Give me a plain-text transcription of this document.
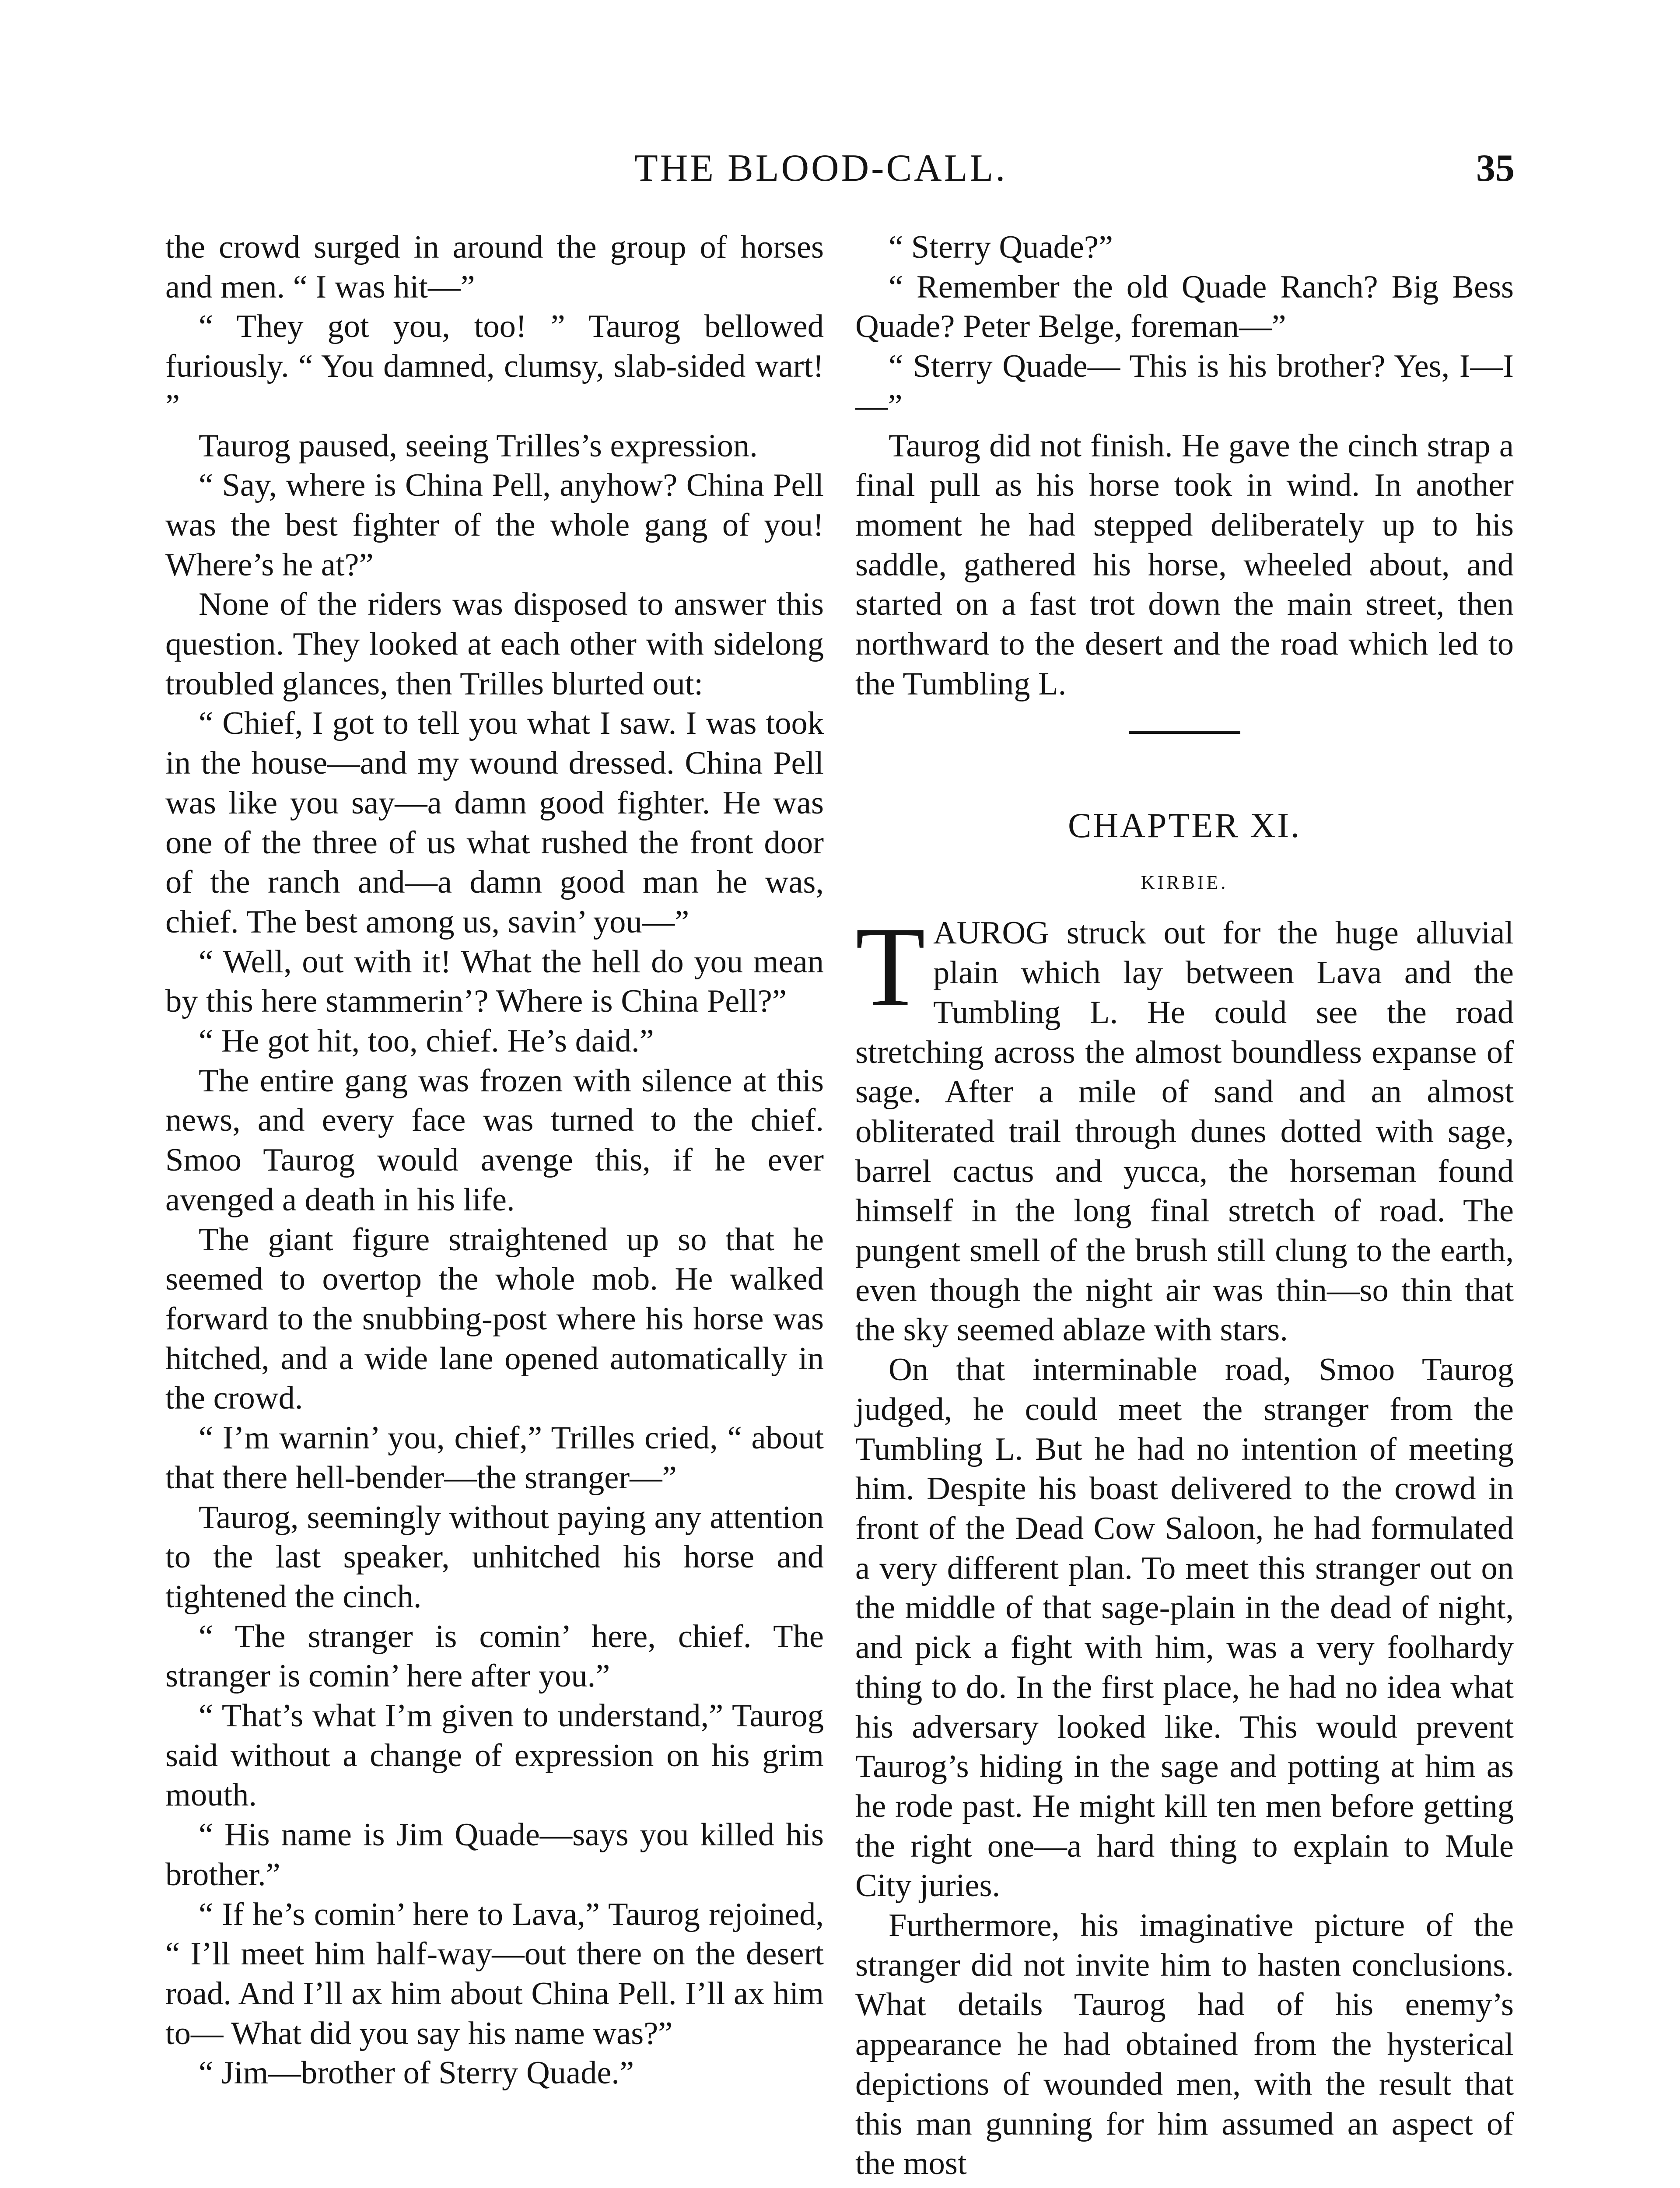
THE BLOOD-CALL.	35

the crowd surged in around the group of horses and men. “ I was hit—”

“ They got you, too! ” Taurog bellowed furiously. “ You damned, clumsy, slab-sided wart! ”

Taurog paused, seeing Trilles’s expression.

“ Say, where is China Pell, anyhow? China Pell was the best fighter of the whole gang of you! Where’s he at?”

None of the riders was disposed to answer this question. They looked at each other with sidelong troubled glances, then Trilles blurted out:

“ Chief, I got to tell you what I saw. I was took in the house—and my wound dressed. China Pell was like you say—a damn good fighter. He was one of the three of us what rushed the front door of the ranch and—a damn good man he was, chief. The best among us, savin’ you—”

“ Well, out with it! What the hell do you mean by this here stammerin’? Where is China Pell?”

“ He got hit, too, chief. He’s daid.”

The entire gang was frozen with silence at this news, and every face was turned to the chief. Smoo Taurog would avenge this, if he ever avenged a death in his life.

The giant figure straightened up so that he seemed to overtop the whole mob. He walked forward to the snubbing-post where his horse was hitched, and a wide lane opened automatically in the crowd.

“ I’m warnin’ you, chief,” Trilles cried, “ about that there hell-bender—the stranger—”

Taurog, seemingly without paying any attention to the last speaker, unhitched his horse and tightened the cinch.

“ The stranger is comin’ here, chief. The stranger is comin’ here after you.”

“ That’s what I’m given to understand,” Taurog said without a change of expression on his grim mouth.

“ His name is Jim Quade—says you killed his brother.”

“ If he’s comin’ here to Lava,” Taurog rejoined, “ I’ll meet him half-way—out there on the desert road. And I’ll ax him about China Pell. I’ll ax him to— What did you say his name was?”

“ Jim—brother of Sterry Quade.”

“ Sterry Quade?”

“ Remember the old Quade Ranch? Big Bess Quade? Peter Belge, foreman—”

“ Sterry Quade— This is his brother? Yes, I—I—”

Taurog did not finish. He gave the cinch strap a final pull as his horse took in wind. In another moment he had stepped deliberately up to his saddle, gathered his horse, wheeled about, and started on a fast trot down the main street, then northward to the desert and the road which led to the Tumbling L.

CHAPTER XI.
KIRBIE.

TAUROG struck out for the huge alluvial plain which lay between Lava and the Tumbling L. He could see the road stretching across the almost boundless expanse of sage. After a mile of sand and an almost obliterated trail through dunes dotted with sage, barrel cactus and yucca, the horseman found himself in the long final stretch of road. The pungent smell of the brush still clung to the earth, even though the night air was thin—so thin that the sky seemed ablaze with stars.

On that interminable road, Smoo Taurog judged, he could meet the stranger from the Tumbling L. But he had no intention of meeting him. Despite his boast delivered to the crowd in front of the Dead Cow Saloon, he had formulated a very different plan. To meet this stranger out on the middle of that sage-plain in the dead of night, and pick a fight with him, was a very foolhardy thing to do. In the first place, he had no idea what his adversary looked like. This would prevent Taurog’s hiding in the sage and potting at him as he rode past. He might kill ten men before getting the right one—a hard thing to explain to Mule City juries.

Furthermore, his imaginative picture of the stranger did not invite him to hasten conclusions. What details Taurog had of his enemy’s appearance he had obtained from the hysterical depictions of wounded men, with the result that this man gunning for him assumed an aspect of the most
